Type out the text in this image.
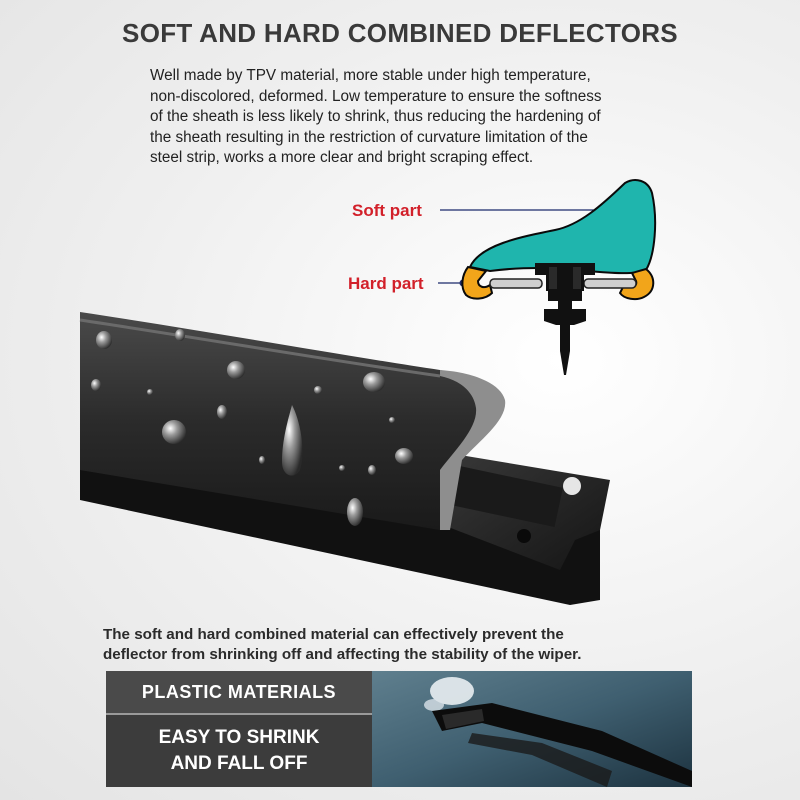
SOFT AND HARD COMBINED DEFLECTORS
Well made by TPV material, more stable under high temperature,
non-discolored, deformed. Low temperature to ensure the softness
of the sheath is less likely to shrink, thus reducing the hardening of
the sheath resulting in the restriction of curvature limitation of the
steel strip, works a more clear and bright scraping effect.
Soft part
Hard part
The soft and hard combined material can effectively prevent the
deflector from shrinking off and affecting the stability of the wiper.
PLASTIC MATERIALS
EASY TO SHRINK
AND FALL OFF
